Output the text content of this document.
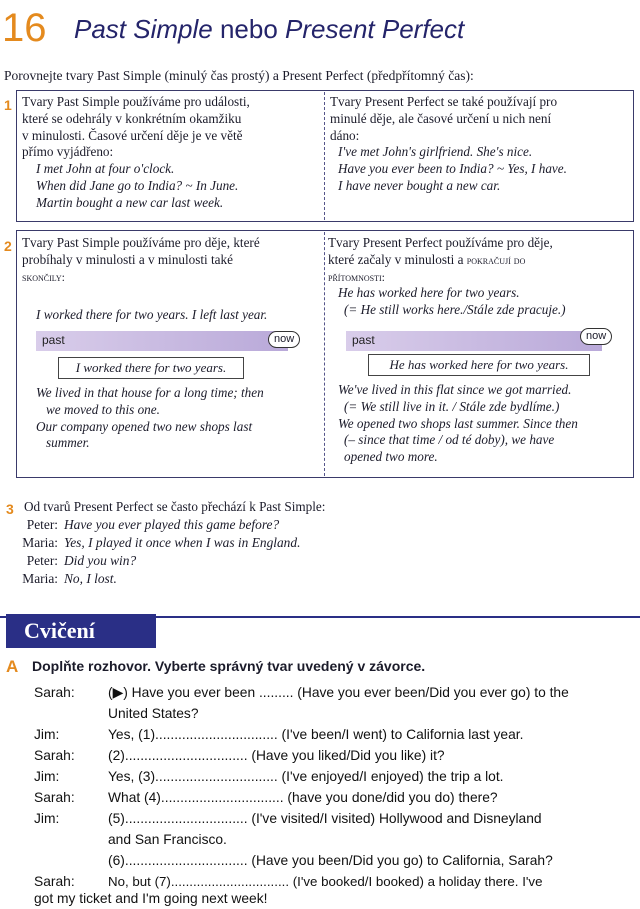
16 Past Simple nebo Present Perfect
Porovnejte tvary Past Simple (minulý čas prostý) a Present Perfect (předpřítomný čas):
1 Tvary Past Simple používáme pro události,

které se odehrály v konkrétním okamžiku

v minulosti. Časové určení děje je ve větě

přímo vyjádřeno:

I met John at four o'clock.

When did Jane go to India? ~ In June.

Martin bought a new car last week.

Tvary Present Perfect se také používají pro

minulé děje, ale časové určení u nich není

dáno:

I've met John's girlfriend. She's nice.

Have you ever been to India? ~ Yes, I have.

I have never bought a new car.

2 Tvary Past Simple používáme pro děje, které

probíhaly v minulosti a v minulosti také

skončily:

I worked there for two years. I left last year.

past	now
I worked there for two years.

We lived in that house for a long time; then

we moved to this one.

Our company opened two new shops last

summer.

Tvary Present Perfect používáme pro děje,

které začaly v minulosti a pokračují do

přítomnosti:

He has worked here for two years.

(= He still works here./Stále zde pracuje.)

past	now
He has worked here for two years.

We've lived in this flat since we got married.

(= We still live in it. / Stále zde bydlíme.)

We opened two shops last summer. Since then

(– since that time / od té doby), we have

opened two more.

3 Od tvarů Present Perfect se často přechází k Past Simple:
Peter: Have you ever played this game before?
Maria: Yes, I played it once when I was in England.
Peter: Did you win?
Maria: No, I lost.
Cvičení
A Doplňte rozhovor. Vyberte správný tvar uvedený v závorce.
Sarah: (▶) Have you ever been ......... (Have you ever been/Did you ever go) to the
United States?
Jim:	Yes, (1)................................ (I've been/I went) to California last year.
Sarah: (2)................................ (Have you liked/Did you like) it?
Jim:	Yes, (3)................................ (I've enjoyed/I enjoyed) the trip a lot.
Sarah: What (4)................................ (have you done/did you do) there?
Jim:	(5)................................ (I've visited/I visited) Hollywood and Disneyland
and San Francisco.
(6)................................ (Have you been/Did you go) to California, Sarah?
Sarah:	No, but (7)................................ (I've booked/I booked) a holiday there. I've
got my ticket and I'm going next week!
